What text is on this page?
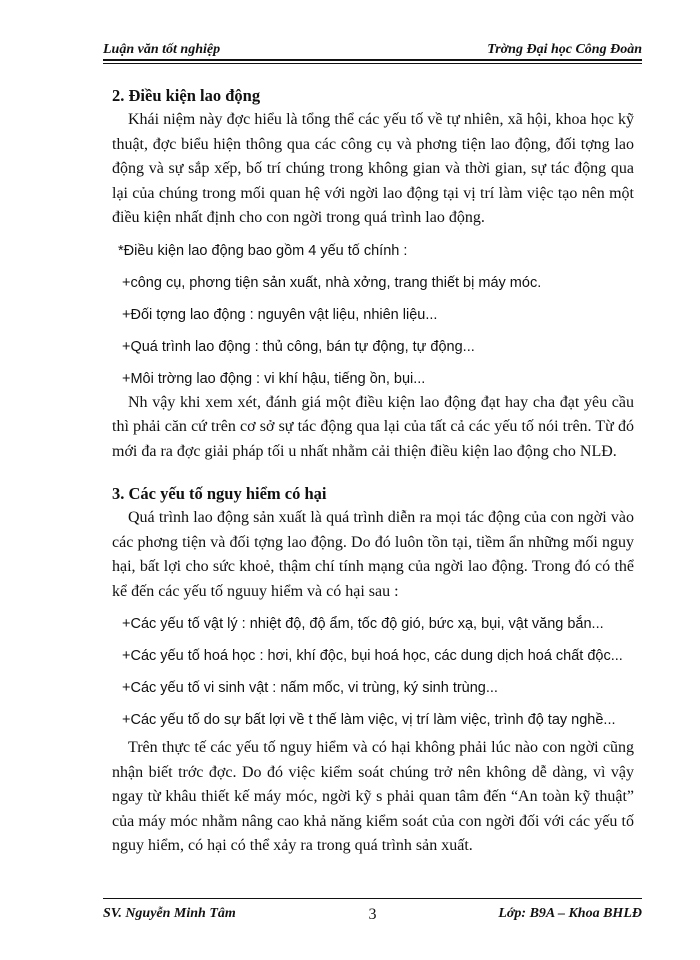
Luận văn tốt nghiệp	Trờng Đại học Công Đoàn
2. Điều kiện lao động

Khái niệm này đợc hiểu là tổng thể các yếu tố về tự nhiên, xã hội, khoa học kỹ thuật, đợc biểu hiện thông qua các công cụ và phơng tiện lao động, đối tợng lao động và sự sắp xếp, bố trí chúng trong không gian và thời gian, sự tác động qua lại của chúng trong mối quan hệ với ngời lao động tại vị trí làm việc tạo nên một điều kiện nhất định cho con ngời trong quá trình lao động.

*Điều kiện lao động bao gồm 4 yếu tố chính :

+công cụ, phơng tiện sản xuất, nhà xởng, trang thiết bị máy móc.

+Đối tợng lao động : nguyên vật liệu, nhiên liệu...

+Quá trình lao động : thủ công, bán tự động, tự động...

+Môi trờng lao động : vi khí hậu, tiếng ồn, bụi...

Nh vậy khi xem xét, đánh giá một điều kiện lao động đạt hay cha đạt yêu cầu thì phải căn cứ trên cơ sở sự tác động qua lại của tất cả các yếu tố nói trên. Từ đó mới đa ra đợc giải pháp tối u nhất nhằm cải thiện điều kiện lao động cho NLĐ.

3. Các yếu tố nguy hiểm có hại

Quá trình lao động sản xuất là quá trình diễn ra mọi tác động của con ngời vào các phơng tiện và đối tợng lao động. Do đó luôn tồn tại, tiềm ẩn những mối nguy hại, bất lợi cho sức khoẻ, thậm chí tính mạng của ngời lao động. Trong đó có thể kể đến các yếu tố nguuy hiểm và có hại sau :

+Các yếu tố vật lý : nhiệt độ, độ ẩm, tốc độ gió, bức xạ, bụi, vật văng bắn...

+Các yếu tố hoá học : hơi, khí độc, bụi hoá học, các dung dịch hoá chất độc...

+Các yếu tố vi sinh vật : nấm mốc, vi trùng, ký sinh trùng...

+Các yếu tố do sự bất lợi về t thế làm việc, vị trí làm việc, trình độ tay nghề...

Trên thực tế các yếu tố nguy hiểm và có hại không phải lúc nào con ngời cũng nhận biết trớc đợc. Do đó việc kiểm soát chúng trở nên không dễ dàng, vì vậy ngay từ khâu thiết kế máy móc, ngời kỹ s phải quan tâm đến “An toàn kỹ thuật” của máy móc nhằm nâng cao khả năng kiểm soát của con ngời đối với các yếu tố nguy hiểm, có hại có thể xảy ra trong quá trình sản xuất.

SV. Nguyễn Minh Tâm	3	Lớp: B9A – Khoa BHLĐ
